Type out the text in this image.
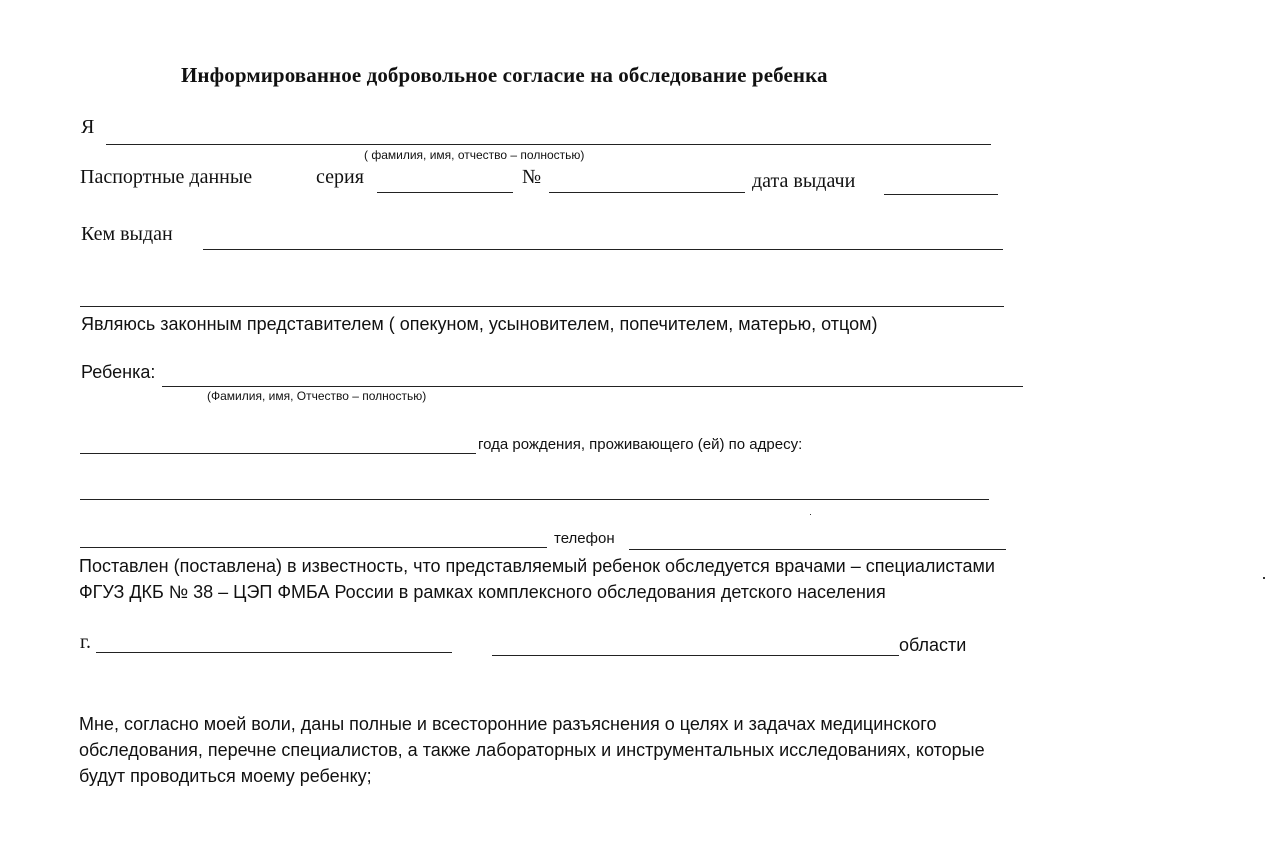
Информированное добровольное согласие на обследование ребенка
Я
( фамилия, имя, отчество – полностью)
Паспортные данные	серия	№	дата выдачи
Кем выдан
Являюсь законным представителем ( опекуном, усыновителем, попечителем, матерью, отцом)
Ребенка:
(Фамилия, имя, Отчество – полностью)
года рождения, проживающего (ей) по адресу:
телефон
Поставлен (поставлена) в известность, что представляемый ребенок обследуется врачами – специалистами
ФГУЗ ДКБ № 38 – ЦЭП ФМБА России в рамках комплексного обследования детского населения
г.	области
Мне, согласно моей воли, даны полные и всесторонние разъяснения о целях и задачах медицинского
обследования, перечне специалистов, а также лабораторных и инструментальных исследованиях, которые
будут проводиться моему ребенку;
